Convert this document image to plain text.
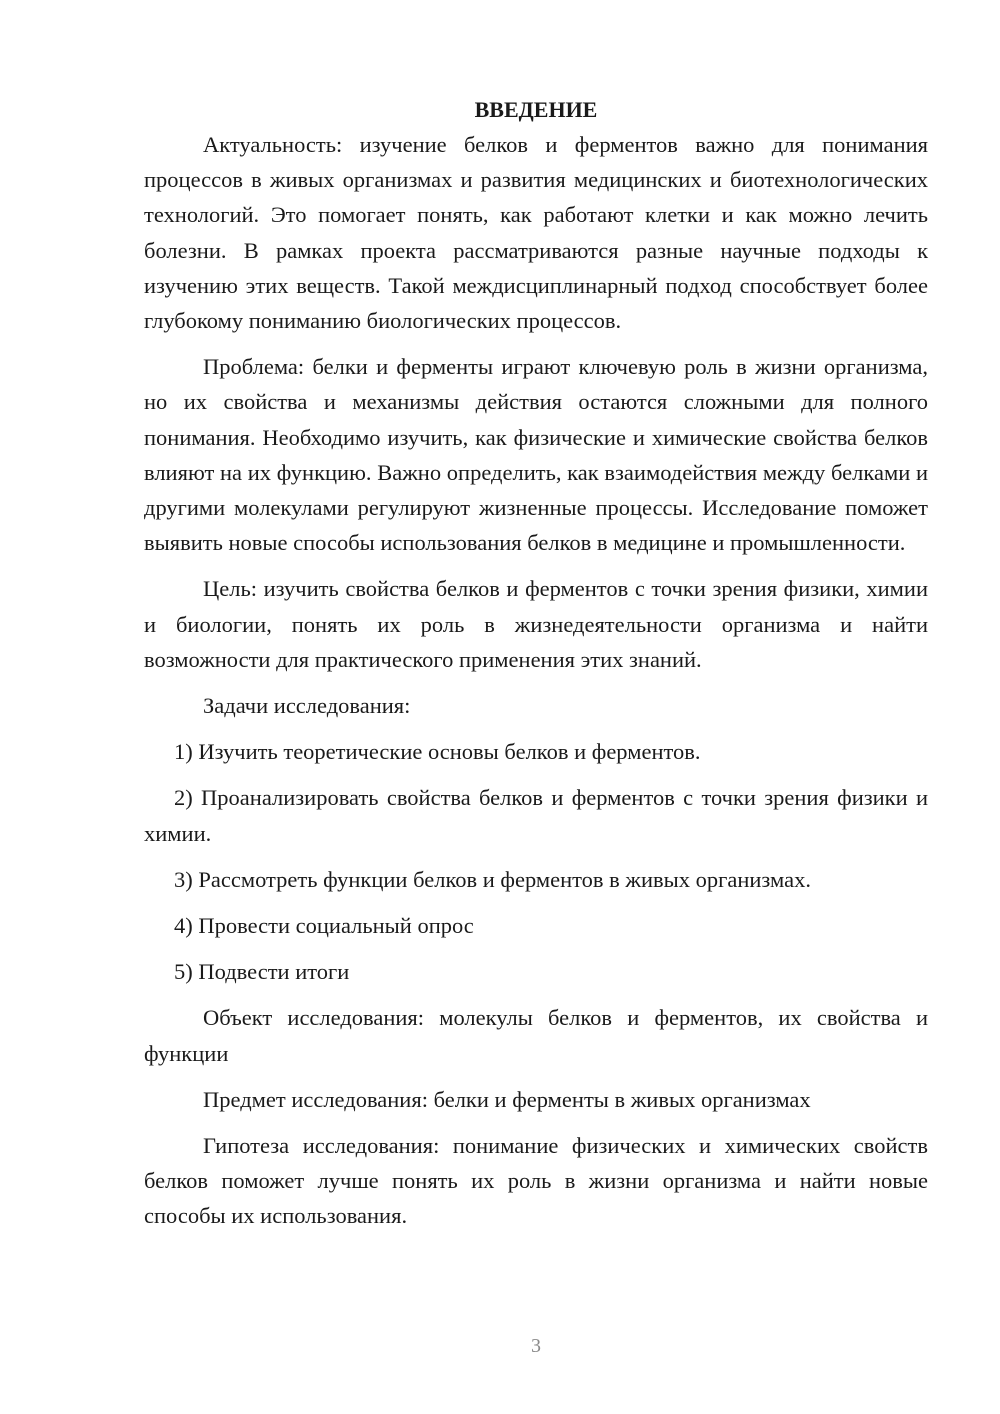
ВВЕДЕНИЕ

Актуальность: изучение белков и ферментов важно для понимания процессов в живых организмах и развития медицинских и биотехнологических технологий. Это помогает понять, как работают клетки и как можно лечить болезни. В рамках проекта рассматриваются разные научные подходы к изучению этих веществ. Такой междисциплинарный подход способствует более глубокому пониманию биологических процессов.

Проблема: белки и ферменты играют ключевую роль в жизни организма, но их свойства и механизмы действия остаются сложными для полного понимания. Необходимо изучить, как физические и химические свойства белков влияют на их функцию. Важно определить, как взаимодействия между белками и другими молекулами регулируют жизненные процессы. Исследование поможет выявить новые способы использования белков в медицине и промышленности.

Цель: изучить свойства белков и ферментов с точки зрения физики, химии и биологии, понять их роль в жизнедеятельности организма и найти возможности для практического применения этих знаний.

Задачи исследования:

1) Изучить теоретические основы белков и ферментов.

2) Проанализировать свойства белков и ферментов с точки зрения физики и химии.

3) Рассмотреть функции белков и ферментов в живых организмах.

4) Провести социальный опрос

5) Подвести итоги

Объект исследования: молекулы белков и ферментов, их свойства и функции

Предмет исследования: белки и ферменты в живых организмах

Гипотеза исследования: понимание физических и химических свойств белков поможет лучше понять их роль в жизни организма и найти новые способы их использования.

3
